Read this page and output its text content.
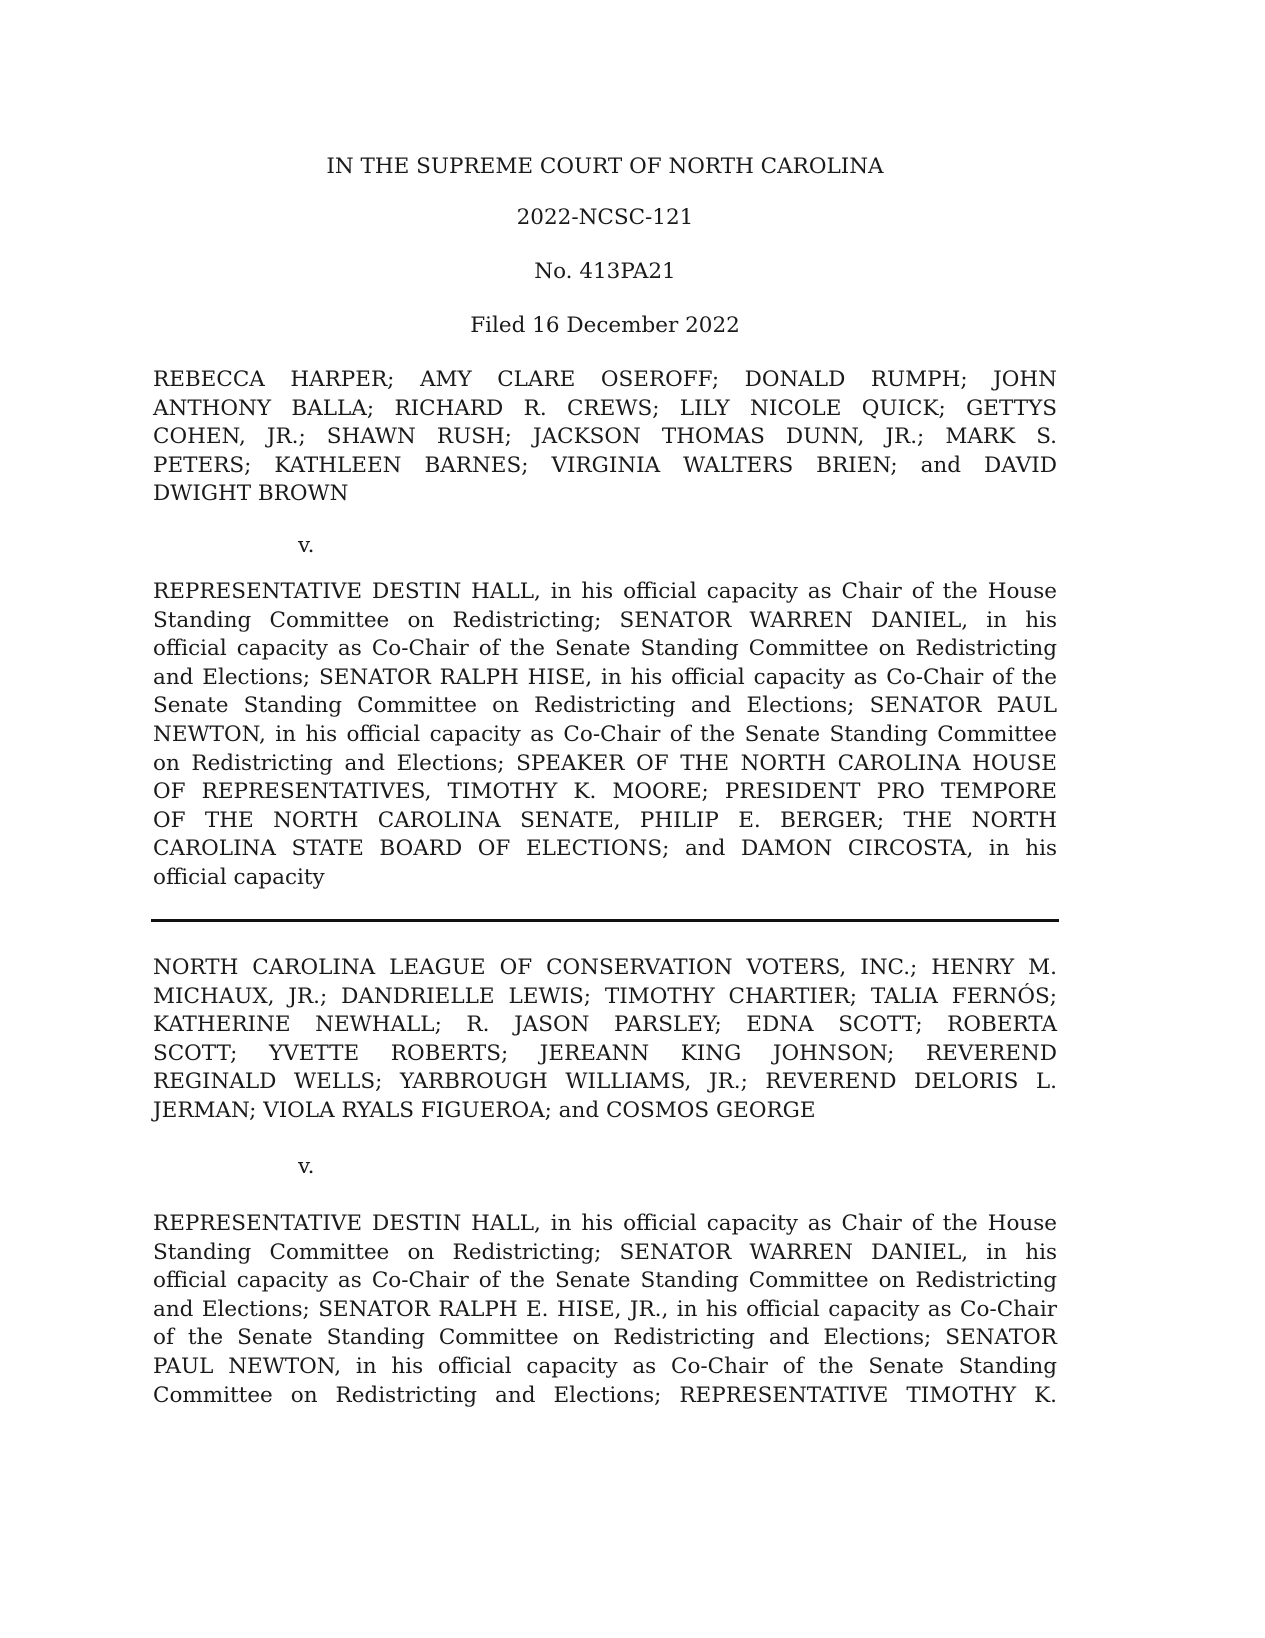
IN THE SUPREME COURT OF NORTH CAROLINA
2022-NCSC-121
No. 413PA21
Filed 16 December 2022
REBECCA HARPER; AMY CLARE OSEROFF; DONALD RUMPH; JOHN
ANTHONY BALLA; RICHARD R. CREWS; LILY NICOLE QUICK; GETTYS
COHEN, JR.; SHAWN RUSH; JACKSON THOMAS DUNN, JR.; MARK S.
PETERS; KATHLEEN BARNES; VIRGINIA WALTERS BRIEN; and DAVID
DWIGHT BROWN
v.
REPRESENTATIVE DESTIN HALL, in his official capacity as Chair of the House
Standing Committee on Redistricting; SENATOR WARREN DANIEL, in his
official capacity as Co-Chair of the Senate Standing Committee on Redistricting
and Elections; SENATOR RALPH HISE, in his official capacity as Co-Chair of the
Senate Standing Committee on Redistricting and Elections; SENATOR PAUL
NEWTON, in his official capacity as Co-Chair of the Senate Standing Committee
on Redistricting and Elections; SPEAKER OF THE NORTH CAROLINA HOUSE
OF REPRESENTATIVES, TIMOTHY K. MOORE; PRESIDENT PRO TEMPORE
OF THE NORTH CAROLINA SENATE, PHILIP E. BERGER; THE NORTH
CAROLINA STATE BOARD OF ELECTIONS; and DAMON CIRCOSTA, in his
official capacity
NORTH CAROLINA LEAGUE OF CONSERVATION VOTERS, INC.; HENRY M.
MICHAUX, JR.; DANDRIELLE LEWIS; TIMOTHY CHARTIER; TALIA FERNÓS;
KATHERINE NEWHALL; R. JASON PARSLEY; EDNA SCOTT; ROBERTA
SCOTT; YVETTE ROBERTS; JEREANN KING JOHNSON; REVEREND
REGINALD WELLS; YARBROUGH WILLIAMS, JR.; REVEREND DELORIS L.
JERMAN; VIOLA RYALS FIGUEROA; and COSMOS GEORGE
v.
REPRESENTATIVE DESTIN HALL, in his official capacity as Chair of the House
Standing Committee on Redistricting; SENATOR WARREN DANIEL, in his
official capacity as Co-Chair of the Senate Standing Committee on Redistricting
and Elections; SENATOR RALPH E. HISE, JR., in his official capacity as Co-Chair
of the Senate Standing Committee on Redistricting and Elections; SENATOR
PAUL NEWTON, in his official capacity as Co-Chair of the Senate Standing
Committee on Redistricting and Elections; REPRESENTATIVE TIMOTHY K.
